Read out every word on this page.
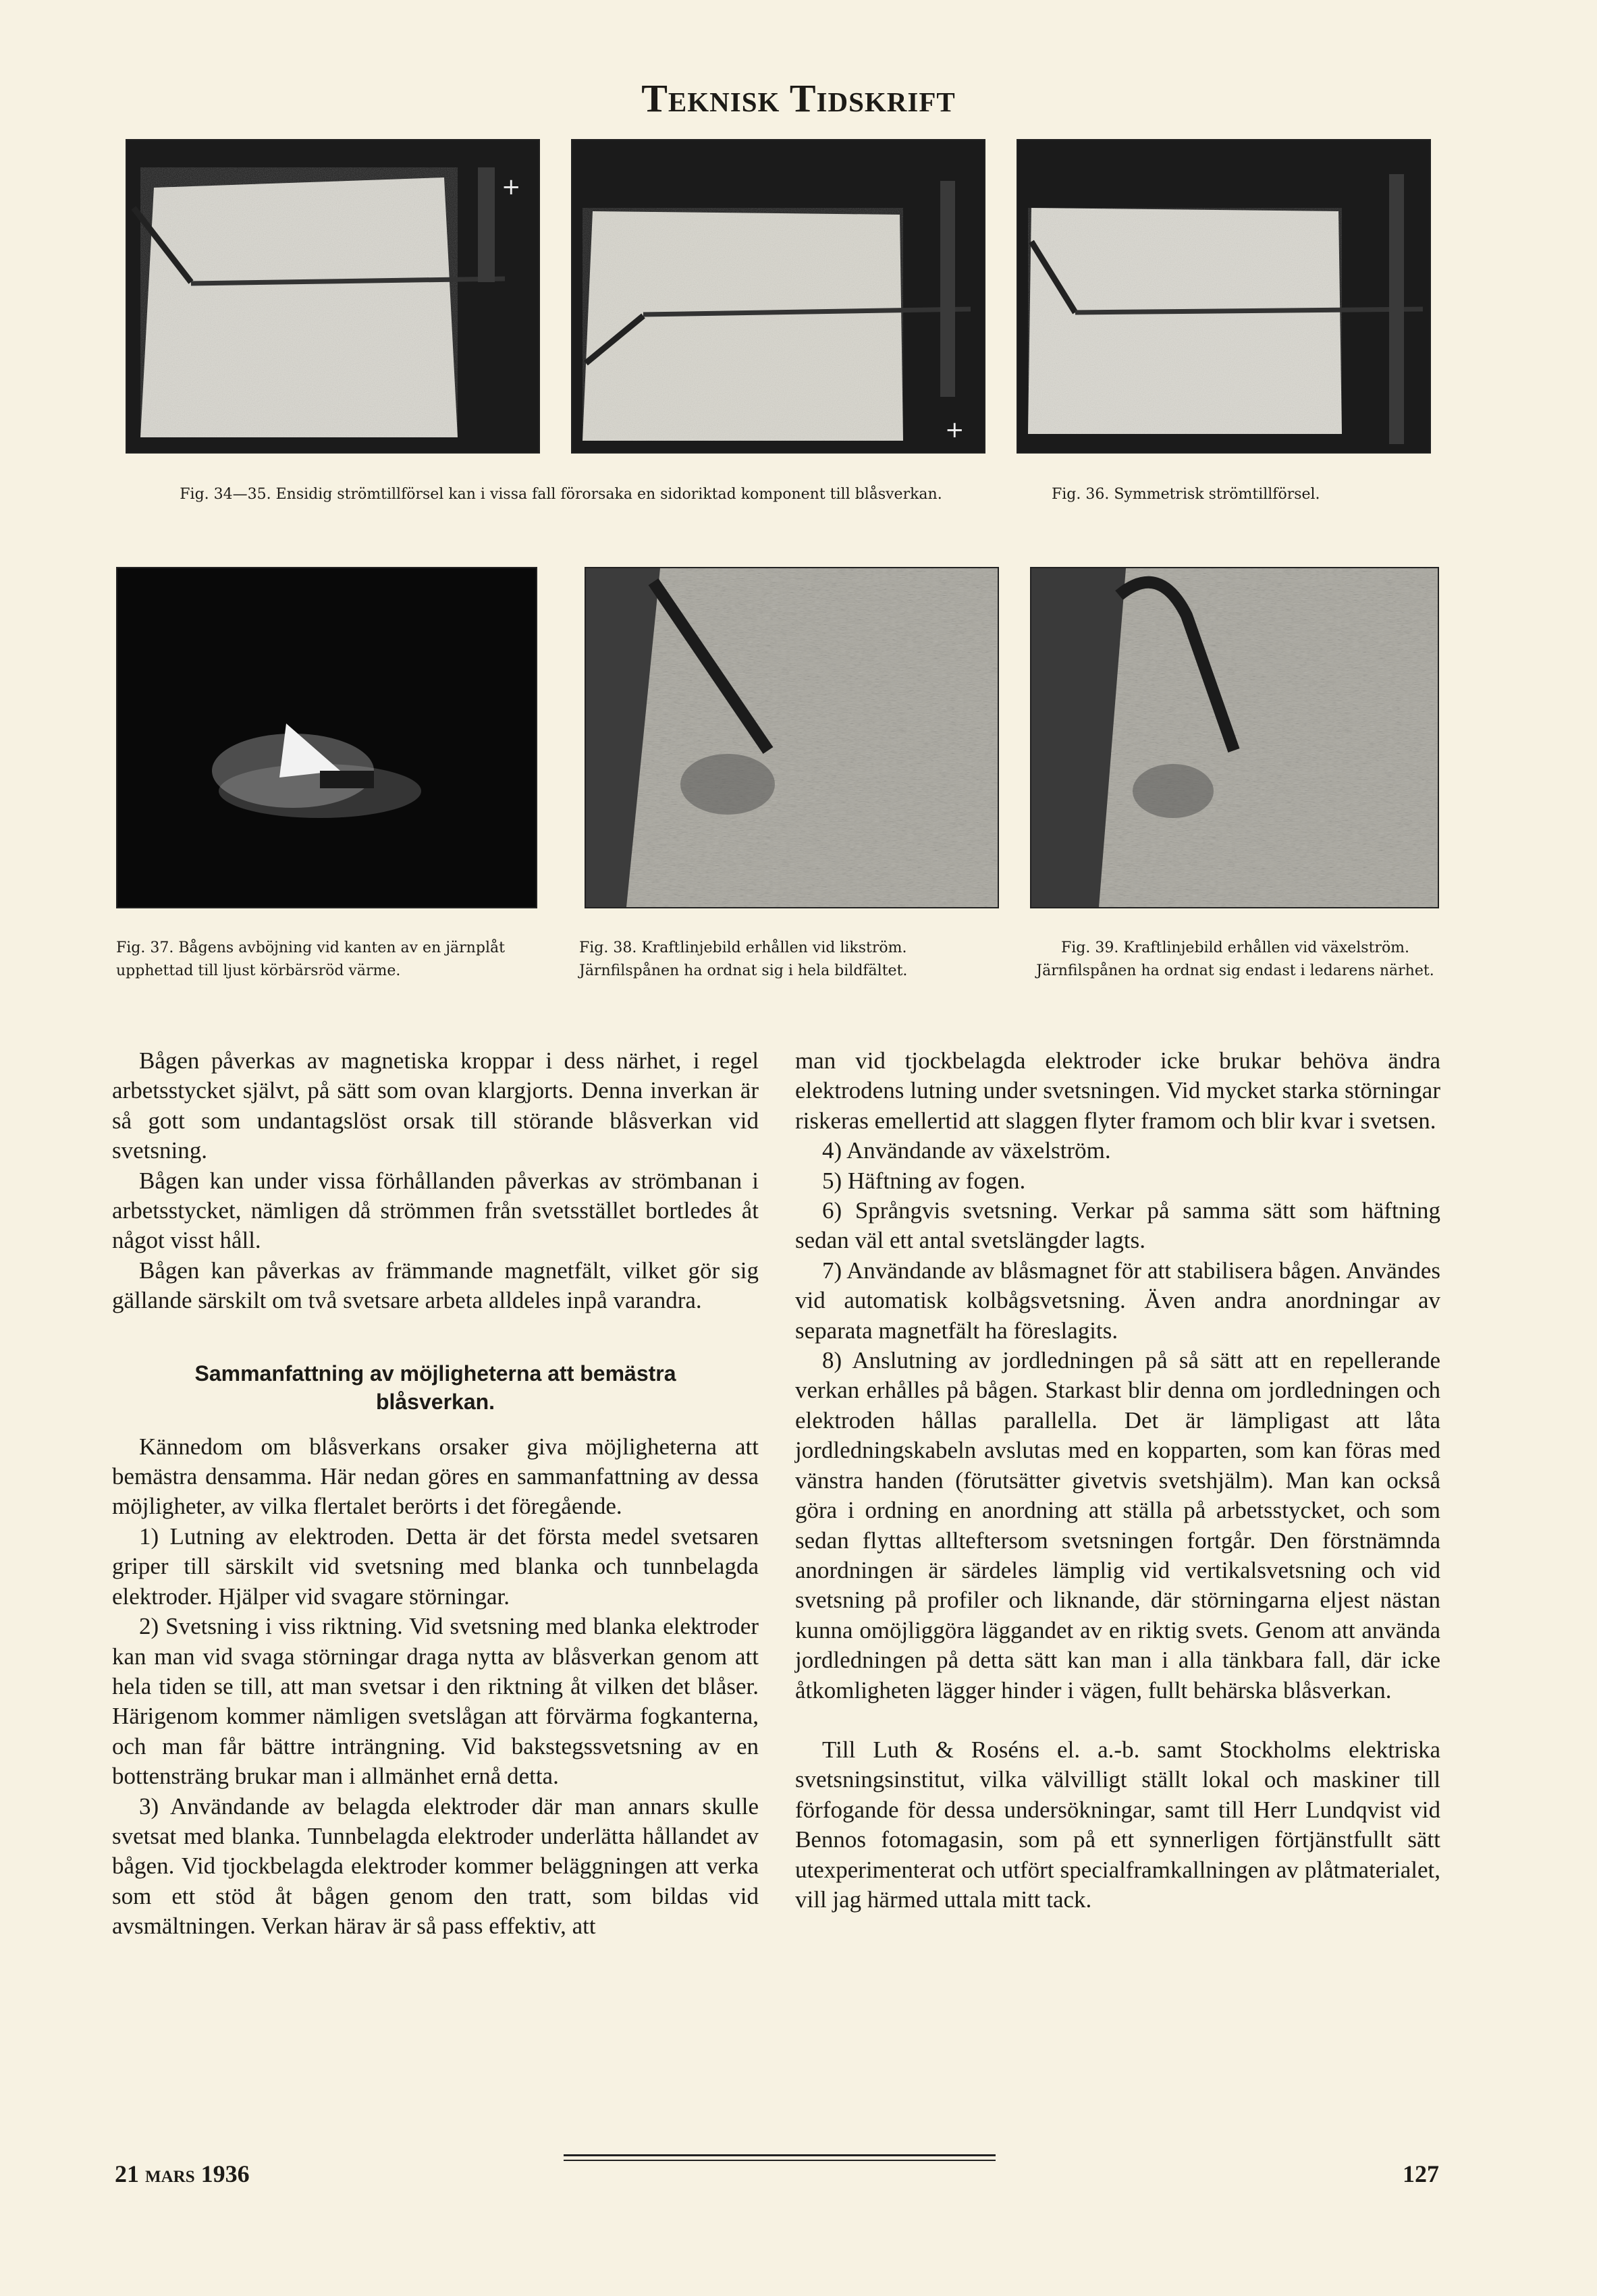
Teknisk Tidskrift
+
+
Fig. 34—35. Ensidig strömtillförsel kan i vissa fall förorsaka en sidoriktad komponent till blåsverkan.	Fig. 36. Symmetrisk strömtillförsel.
Fig. 37. Bågens avböjning vid kanten av en järnplåt upphettad till ljust körbärsröd värme.
Fig. 38. Kraftlinjebild erhållen vid likström. Järnfilspånen ha ordnat sig i hela bildfältet.
Fig. 39. Kraftlinjebild erhållen vid växelström. Järnfilspånen ha ordnat sig endast i ledarens närhet.

Bågen påverkas av magnetiska kroppar i dess närhet, i regel arbetsstycket självt, på sätt som ovan klargjorts. Denna inverkan är så gott som undantagslöst orsak till störande blåsverkan vid svetsning.

Bågen kan under vissa förhållanden påverkas av strömbanan i arbetsstycket, nämligen då strömmen från svetsstället bortledes åt något visst håll.

Bågen kan påverkas av främmande magnetfält, vilket gör sig gällande särskilt om två svetsare arbeta alldeles inpå varandra.

Sammanfattning av möjligheterna att bemästra blåsverkan.

Kännedom om blåsverkans orsaker giva möjligheterna att bemästra densamma. Här nedan göres en sammanfattning av dessa möjligheter, av vilka flertalet berörts i det föregående.

1) Lutning av elektroden. Detta är det första medel svetsaren griper till särskilt vid svetsning med blanka och tunnbelagda elektroder. Hjälper vid svagare störningar.

2) Svetsning i viss riktning. Vid svetsning med blanka elektroder kan man vid svaga störningar draga nytta av blåsverkan genom att hela tiden se till, att man svetsar i den riktning åt vilken det blåser. Härigenom kommer nämligen svetslågan att förvärma fogkanterna, och man får bättre inträngning. Vid bakstegssvetsning av en bottensträng brukar man i allmänhet ernå detta.

3) Användande av belagda elektroder där man annars skulle svetsat med blanka. Tunnbelagda elektroder underlätta hållandet av bågen. Vid tjockbelagda elektroder kommer beläggningen att verka som ett stöd åt bågen genom den tratt, som bildas vid avsmältningen. Verkan härav är så pass effektiv, att

man vid tjockbelagda elektroder icke brukar behöva ändra elektrodens lutning under svetsningen. Vid mycket starka störningar riskeras emellertid att slaggen flyter framom och blir kvar i svetsen.

4) Användande av växelström.

5) Häftning av fogen.

6) Språngvis svetsning. Verkar på samma sätt som häftning sedan väl ett antal svetslängder lagts.

7) Användande av blåsmagnet för att stabilisera bågen. Användes vid automatisk kolbågsvetsning. Även andra anordningar av separata magnetfält ha föreslagits.

8) Anslutning av jordledningen på så sätt att en repellerande verkan erhålles på bågen. Starkast blir denna om jordledningen och elektroden hållas parallella. Det är lämpligast att låta jordledningskabeln avslutas med en kopparten, som kan föras med vänstra handen (förutsätter givetvis svetshjälm). Man kan också göra i ordning en anordning att ställa på arbetsstycket, och som sedan flyttas allteftersom svetsningen fortgår. Den förstnämnda anordningen är särdeles lämplig vid vertikalsvetsning och vid svetsning på profiler och liknande, där störningarna eljest nästan kunna omöjliggöra läggandet av en riktig svets. Genom att använda jordledningen på detta sätt kan man i alla tänkbara fall, där icke åtkomligheten lägger hinder i vägen, fullt behärska blåsverkan.

Till Luth & Roséns el. a.-b. samt Stockholms elektriska svetsningsinstitut, vilka välvilligt ställt lokal och maskiner till förfogande för dessa undersökningar, samt till Herr Lundqvist vid Bennos fotomagasin, som på ett synnerligen förtjänstfullt sätt utexperimenterat och utfört specialframkallningen av plåtmaterialet, vill jag härmed uttala mitt tack.

21 mars 1936	127
